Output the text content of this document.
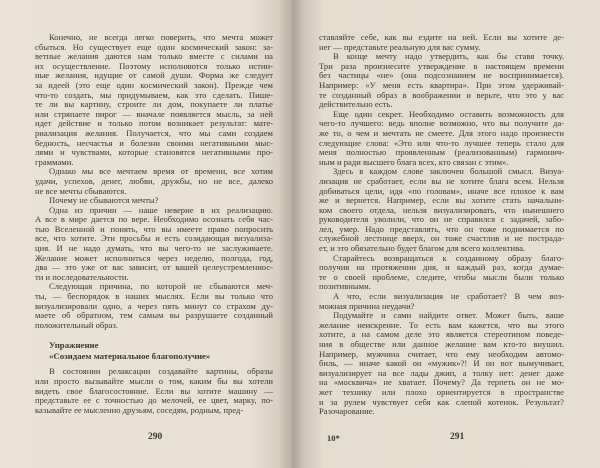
Конечно, не всегда легко поверить, что мечта может
сбыться. Но существует еще один космический закон: за-
ветные желания даются нам только вместе с силами на
их осуществление. Поэтому исполняются только истин-
ные желания, идущие от самой души. Форма же следует
за идеей (это еще один космический закон). Прежде чем
что-то создать, мы придумываем, как это сделать. Пише-
те ли вы картину, строите ли дом, покупаете ли платье
или стряпаете пирог — вначале появляется мысль, за ней
идет действие и только потом возникает результат: мате-
риализация желания. Получается, что мы сами создаем
бедность, несчастья и болезни своими негативными мыс-
лями и чувствами, которые становятся негативными про-
граммами.
Однако мы все мечтаем время от времени, все хотим
удачи, успехов, денег, любви, дружбы, но не все, далеко
не все мечты сбываются.
Почему не сбываются мечты?
Одна из причин — наше неверие в их реализацию.
А все в мире дается по вере. Необходимо осознать себя час-
тью Вселенной и понять, что вы имеете право попросить
все, что хотите. Эти просьбы и есть созидающая визуализа-
ция. И не надо думать, что вы чего-то не заслуживаете.
Желание может исполниться через неделю, полгода, год,
два — это уже от вас зависит, от вашей целеустремленнос-
ти и последовательности.
Следующая причина, по которой не сбываются меч-
ты, — беспорядок в наших мыслях. Если вы только что
визуализировали одно, а через пять минут со страхом ду-
маете об обратном, тем самым вы разрушаете созданный
положительный образ.
Упражнение
«Созидаем материальное благополучие»
В состоянии релаксации создавайте картины, образы
или просто вызывайте мысли о том, каким бы вы хотели
видеть свое благосостояние. Если вы хотите машину —
представьте ее с точностью до мелочей, ее цвет, марку, по-
казывайте ее мысленно друзьям, соседям, родным, пред-
290
ставляйте себе, как вы ездите на ней. Если вы хотите де-
нег — представьте реальную для вас сумму.
В конце мечту надо утвердить, как бы ставя точку.
Три раза произнесите утверждение в настоящем времени
без частицы «не» (она подсознанием не воспринимается).
Например: «У меня есть квартира». При этом удерживай-
те созданный образ в воображении и верьте, что это у вас
действительно есть.
Еще один секрет. Необходимо оставить возможность для
чего-то лучшего: ведь вполне возможно, что вы получите да-
же то, о чем и мечтать не смеете. Для этого надо произнести
следующие слова: «Это или что-то лучшее теперь стало для
меня полностью проявленным (реализованным) гармонич-
ным и ради высшего блага всех, кто связан с этим».
Здесь в каждом слове заключен большой смысл. Визуа-
лизация не сработает, если вы не хотите блага всем. Нельзя
добиваться цели, идя «по головам», иначе все плохое к вам
же и вернется. Например, если вы хотите стать начальни-
ком своего отдела, нельзя визуализировать, что нынешнего
руководителя уволили, что он не справился с задачей, забо-
лел, умер. Надо представлять, что он тоже поднимается по
служебной лестнице вверх, он тоже счастлив и не пострада-
ет, и это обязательно будет благом для всего коллектива.
Старайтесь возвращаться к созданному образу благо-
получия на протяжении дня, и каждый раз, когда думае-
те о своей проблеме, следите, чтобы мысли были только
позитивными.
А что, если визуализация не сработает? В чем воз-
можная причина неудачи?
Подумайте и сами найдите ответ. Может быть, ваше
желание неискренне. То есть вам кажется, что вы этого
хотите, а на самом деле это является стереотипом поведе-
ния в обществе или данное желание вам кто-то внушил.
Например, мужчина считает, что ему необходим автомо-
биль, — иначе какой он «мужик»?! И он вот вымучивает,
визуализирует на все лады джип, а толку нет: денег даже
на «москвича» не хватает. Почему? Да терпеть он не мо-
жет технику или плохо ориентируется в пространстве
и за рулем чувствует себя как слепой котенок. Результат?
Разочарование.
10*	291
